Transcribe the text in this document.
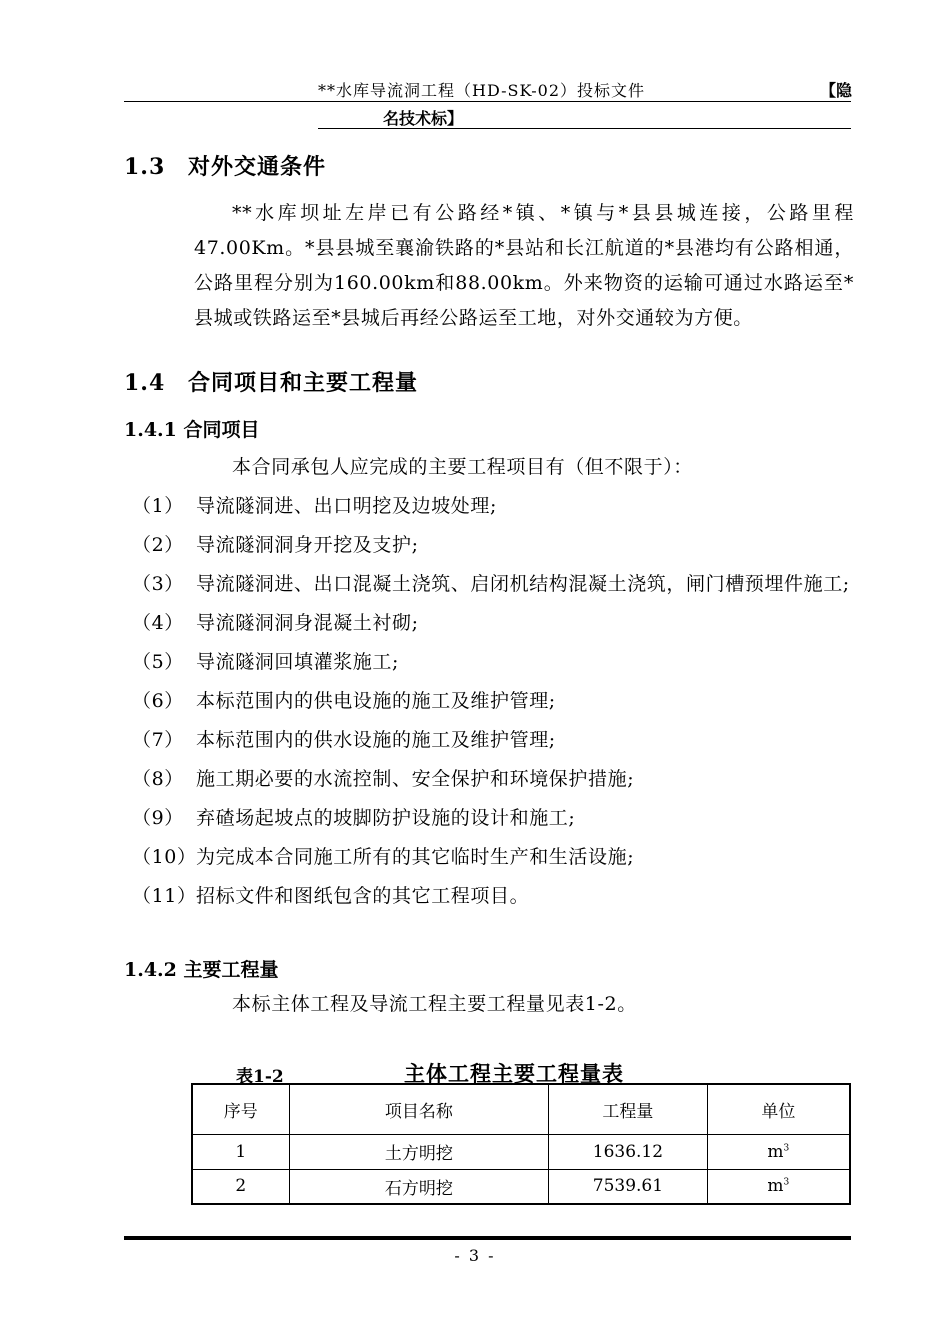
**水库导流洞工程（HD-SK-02）投标文件	【隐
名技术标】
1.3 对外交通条件

**水库坝址左岸已有公路经*镇、*镇与*县县城连接，公路里程47.00Km。*县县城至襄渝铁路的*县站和长江航道的*县港均有公路相通，公路里程分别为160.00km和88.00km。外来物资的运输可通过水路运至*县城或铁路运至*县城后再经公路运至工地，对外交通较为方便。

1.4 合同项目和主要工程量
1.4.1 合同项目

本合同承包人应完成的主要工程项目有（但不限于）：

（1） 导流隧洞进、出口明挖及边坡处理;
（2） 导流隧洞洞身开挖及支护;
（3） 导流隧洞进、出口混凝土浇筑、启闭机结构混凝土浇筑，闸门槽预埋件施工;
（4） 导流隧洞洞身混凝土衬砌;
（5） 导流隧洞回填灌浆施工;
（6） 本标范围内的供电设施的施工及维护管理;
（7） 本标范围内的供水设施的施工及维护管理;
（8） 施工期必要的水流控制、安全保护和环境保护措施;
（9） 弃碴场起坡点的坡脚防护设施的设计和施工;
（10） 为完成本合同施工所有的其它临时生产和生活设施;
（11） 招标文件和图纸包含的其它工程项目。
1.4.2 主要工程量

本标主体工程及导流工程主要工程量见表1-2。

表1-2	主体工程主要工程量表
序号	项目名称	工程量	单位
1	土方明挖	1636.12	$m^3$
2	石方明挖	7539.61	$m^3$
- 3 -
